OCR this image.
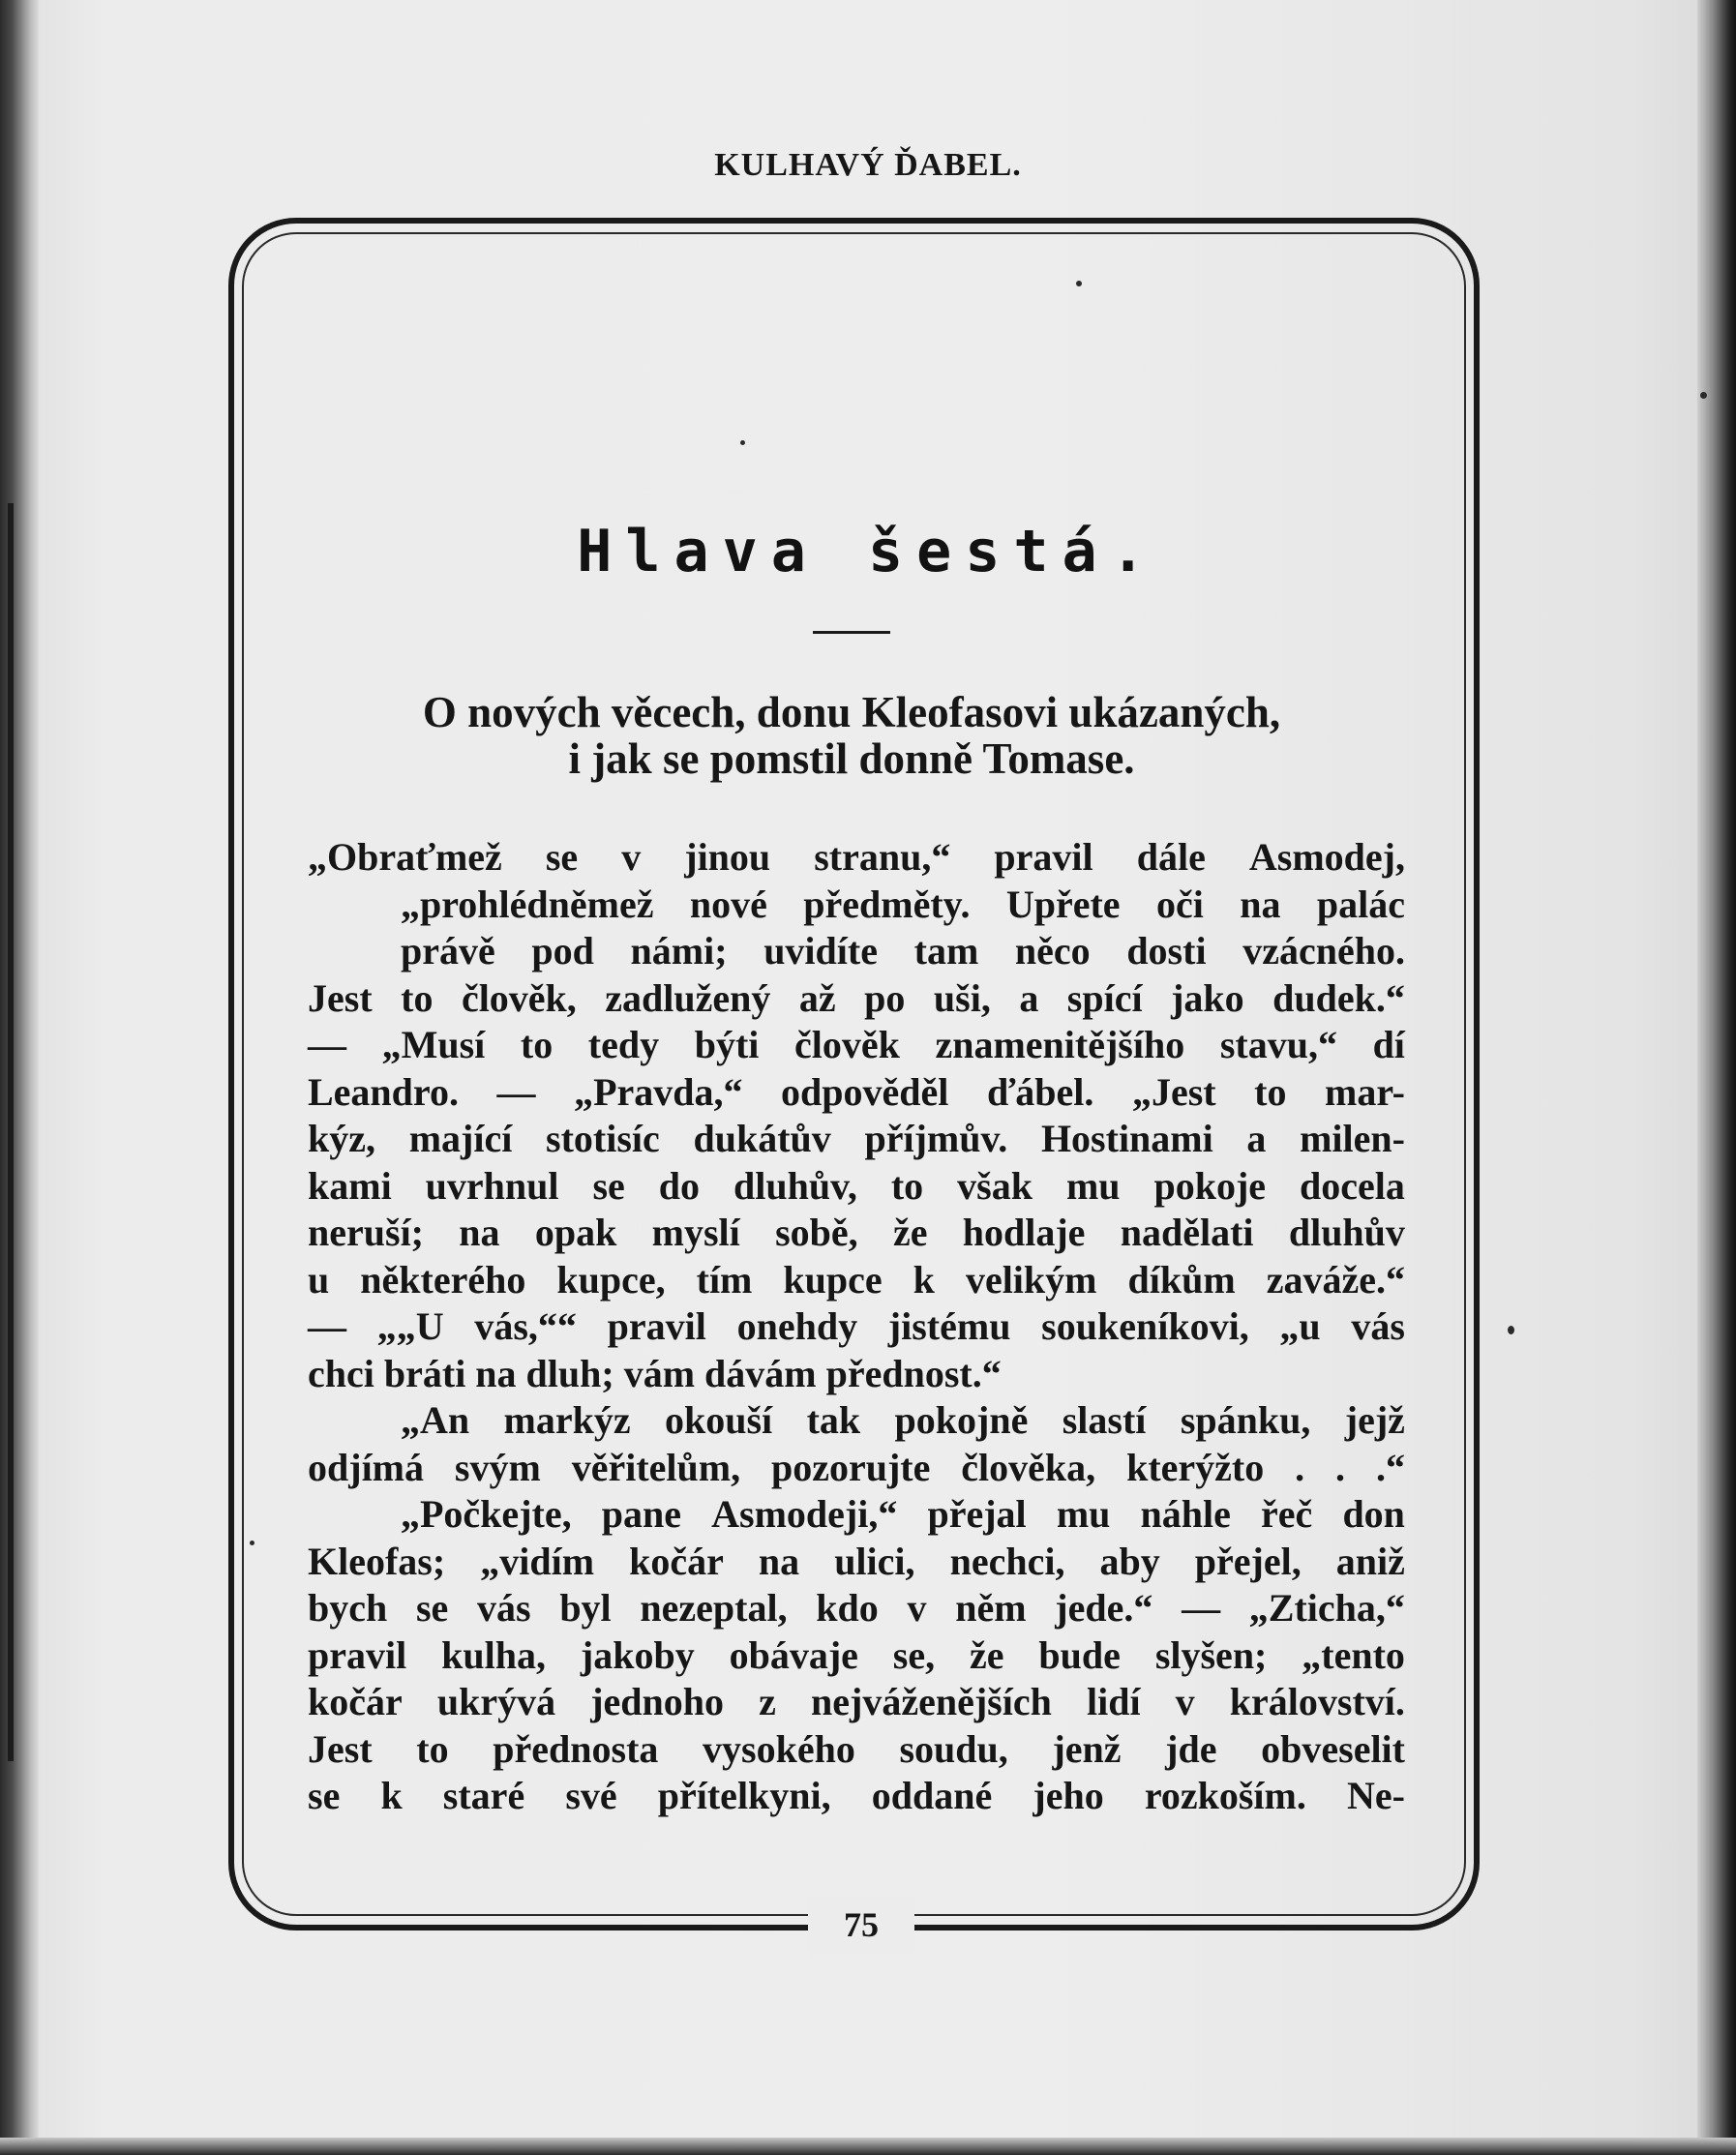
KULHAVÝ ĎABEL.
Hlava šestá.
O nových věcech, donu Kleofasovi ukázaných,
i jak se pomstil donně Tomase.
„Obraťmež se v jinou stranu,“ pravil dále Asmodej,
„prohlédněmež nové předměty. Upřete oči na palác
právě pod námi; uvidíte tam něco dosti vzácného.
Jest to člověk, zadlužený až po uši, a spící jako dudek.“
— „Musí to tedy býti člověk znamenitějšího stavu,“ dí
Leandro. — „Pravda,“ odpověděl ďábel. „Jest to mar-
kýz, mající stotisíc dukátův příjmův. Hostinami a milen-
kami uvrhnul se do dluhův, to však mu pokoje docela
neruší; na opak myslí sobě, že hodlaje nadělati dluhův
u některého kupce, tím kupce k velikým díkům zaváže.“
— „„U vás,““ pravil onehdy jistému soukeníkovi, „u vás
chci bráti na dluh; vám dávám přednost.“
„An markýz okouší tak pokojně slastí spánku, jejž
odjímá svým věřitelům, pozorujte člověka, kterýžto . . .“
„Počkejte, pane Asmodeji,“ přejal mu náhle řeč don
Kleofas; „vidím kočár na ulici, nechci, aby přejel, aniž
bych se vás byl nezeptal, kdo v něm jede.“ — „Zticha,“
pravil kulha, jakoby obávaje se, že bude slyšen; „tento
kočár ukrývá jednoho z nejváženějších lidí v království.
Jest to přednosta vysokého soudu, jenž jde obveselit
se k staré své přítelkyni, oddané jeho rozkoším. Ne-
75
